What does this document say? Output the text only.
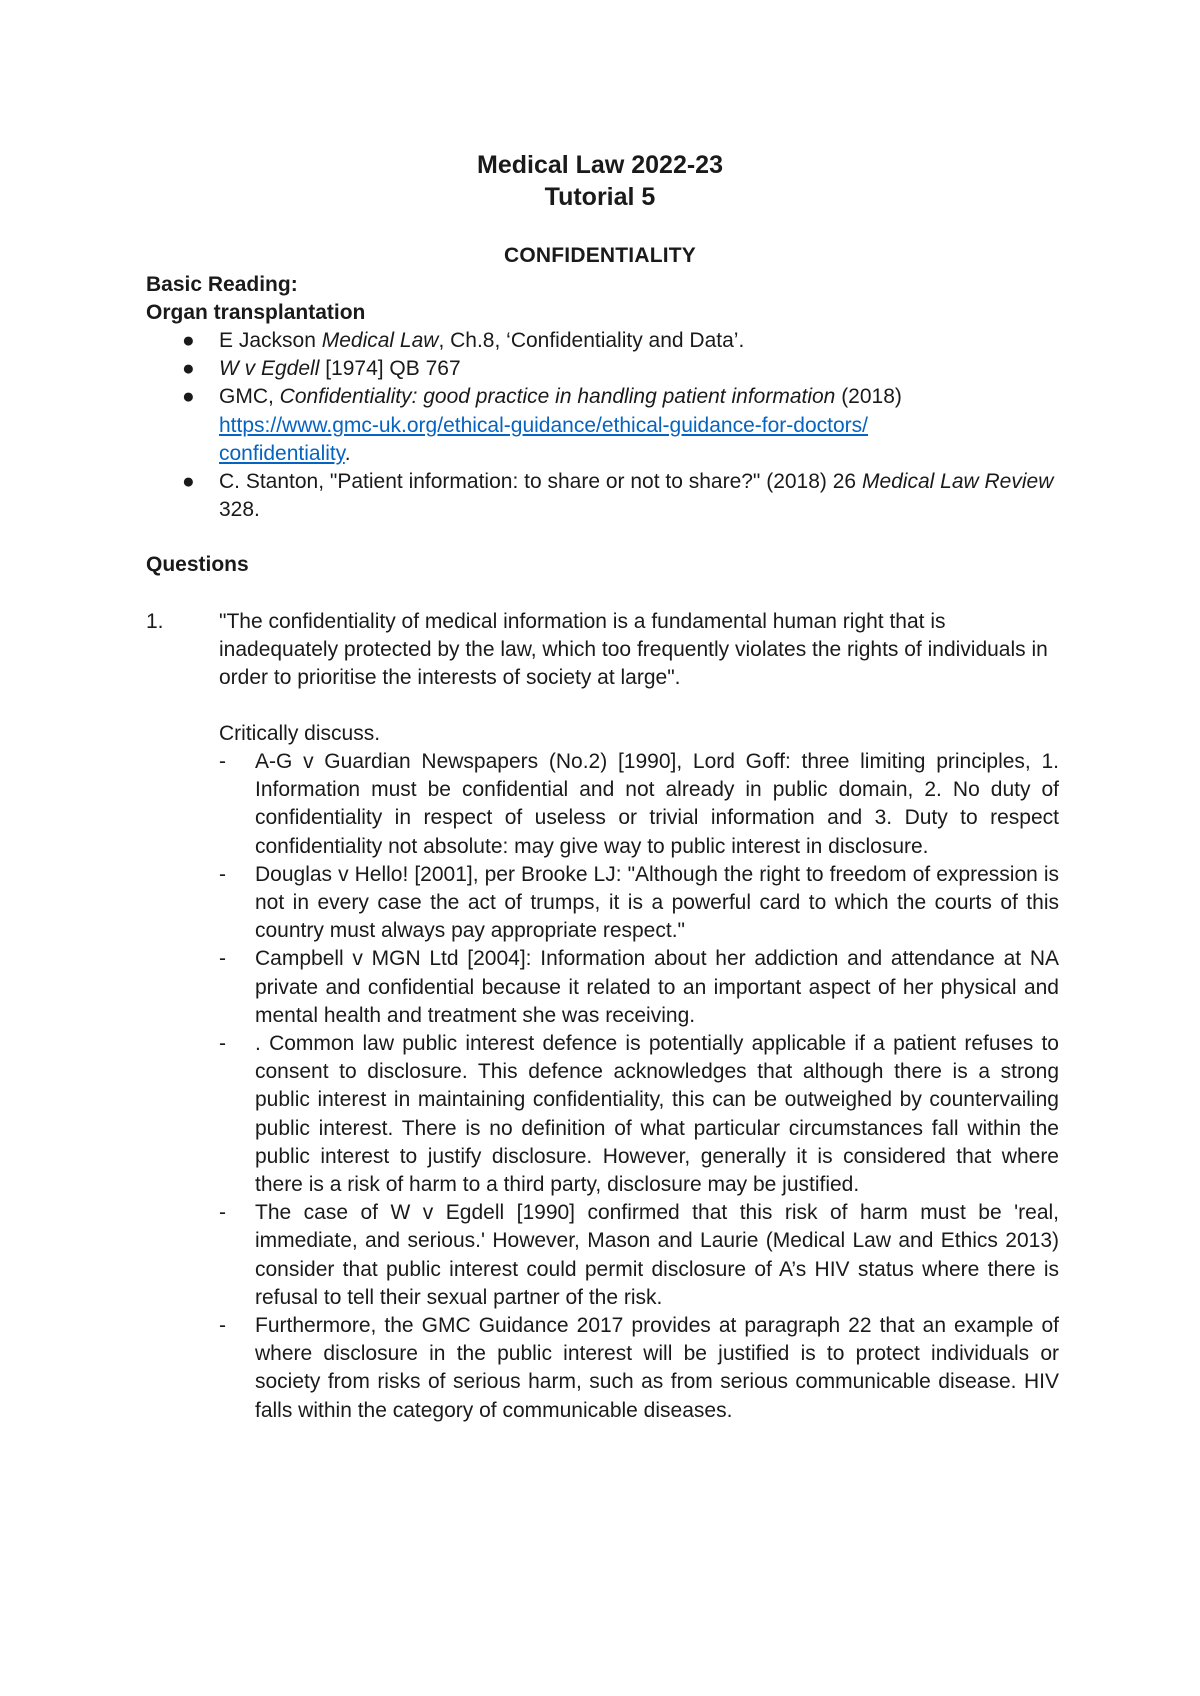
Medical Law 2022-23
Tutorial 5
CONFIDENTIALITY
Basic Reading:
Organ transplantation
● E Jackson Medical Law, Ch.8, ‘Confidentiality and Data’.
● W v Egdell [1974] QB 767
● GMC, Confidentiality: good practice in handling patient information (2018)
https://www.gmc-uk.org/ethical-guidance/ethical-guidance-for-doctors/
confidentiality.
● C. Stanton, "Patient information: to share or not to share?" (2018) 26 Medical Law Review 328.
Questions
1.	"The confidentiality of medical information is a fundamental human right that is inadequately protected by the law, which too frequently violates the rights of individuals in order to prioritise the interests of society at large".
Critically discuss.
- A-G v Guardian Newspapers (No.2) [1990], Lord Goff: three limiting principles, 1. Information must be confidential and not already in public domain, 2. No duty of confidentiality in respect of useless or trivial information and 3. Duty to respect confidentiality not absolute: may give way to public interest in disclosure.
- Douglas v Hello! [2001], per Brooke LJ: "Although the right to freedom of expression is not in every case the act of trumps, it is a powerful card to which the courts of this country must always pay appropriate respect."
- Campbell v MGN Ltd [2004]: Information about her addiction and attendance at NA private and confidential because it related to an important aspect of her physical and mental health and treatment she was receiving.
- . Common law public interest defence is potentially applicable if a patient refuses to consent to disclosure. This defence acknowledges that although there is a strong public interest in maintaining confidentiality, this can be outweighed by countervailing public interest. There is no definition of what particular circumstances fall within the public interest to justify disclosure. However, generally it is considered that where there is a risk of harm to a third party, disclosure may be justified.
- The case of W v Egdell [1990] confirmed that this risk of harm must be 'real, immediate, and serious.' However, Mason and Laurie (Medical Law and Ethics 2013) consider that public interest could permit disclosure of A’s HIV status where there is refusal to tell their sexual partner of the risk.
- Furthermore, the GMC Guidance 2017 provides at paragraph 22 that an example of where disclosure in the public interest will be justified is to protect individuals or society from risks of serious harm, such as from serious communicable disease. HIV falls within the category of communicable diseases.
